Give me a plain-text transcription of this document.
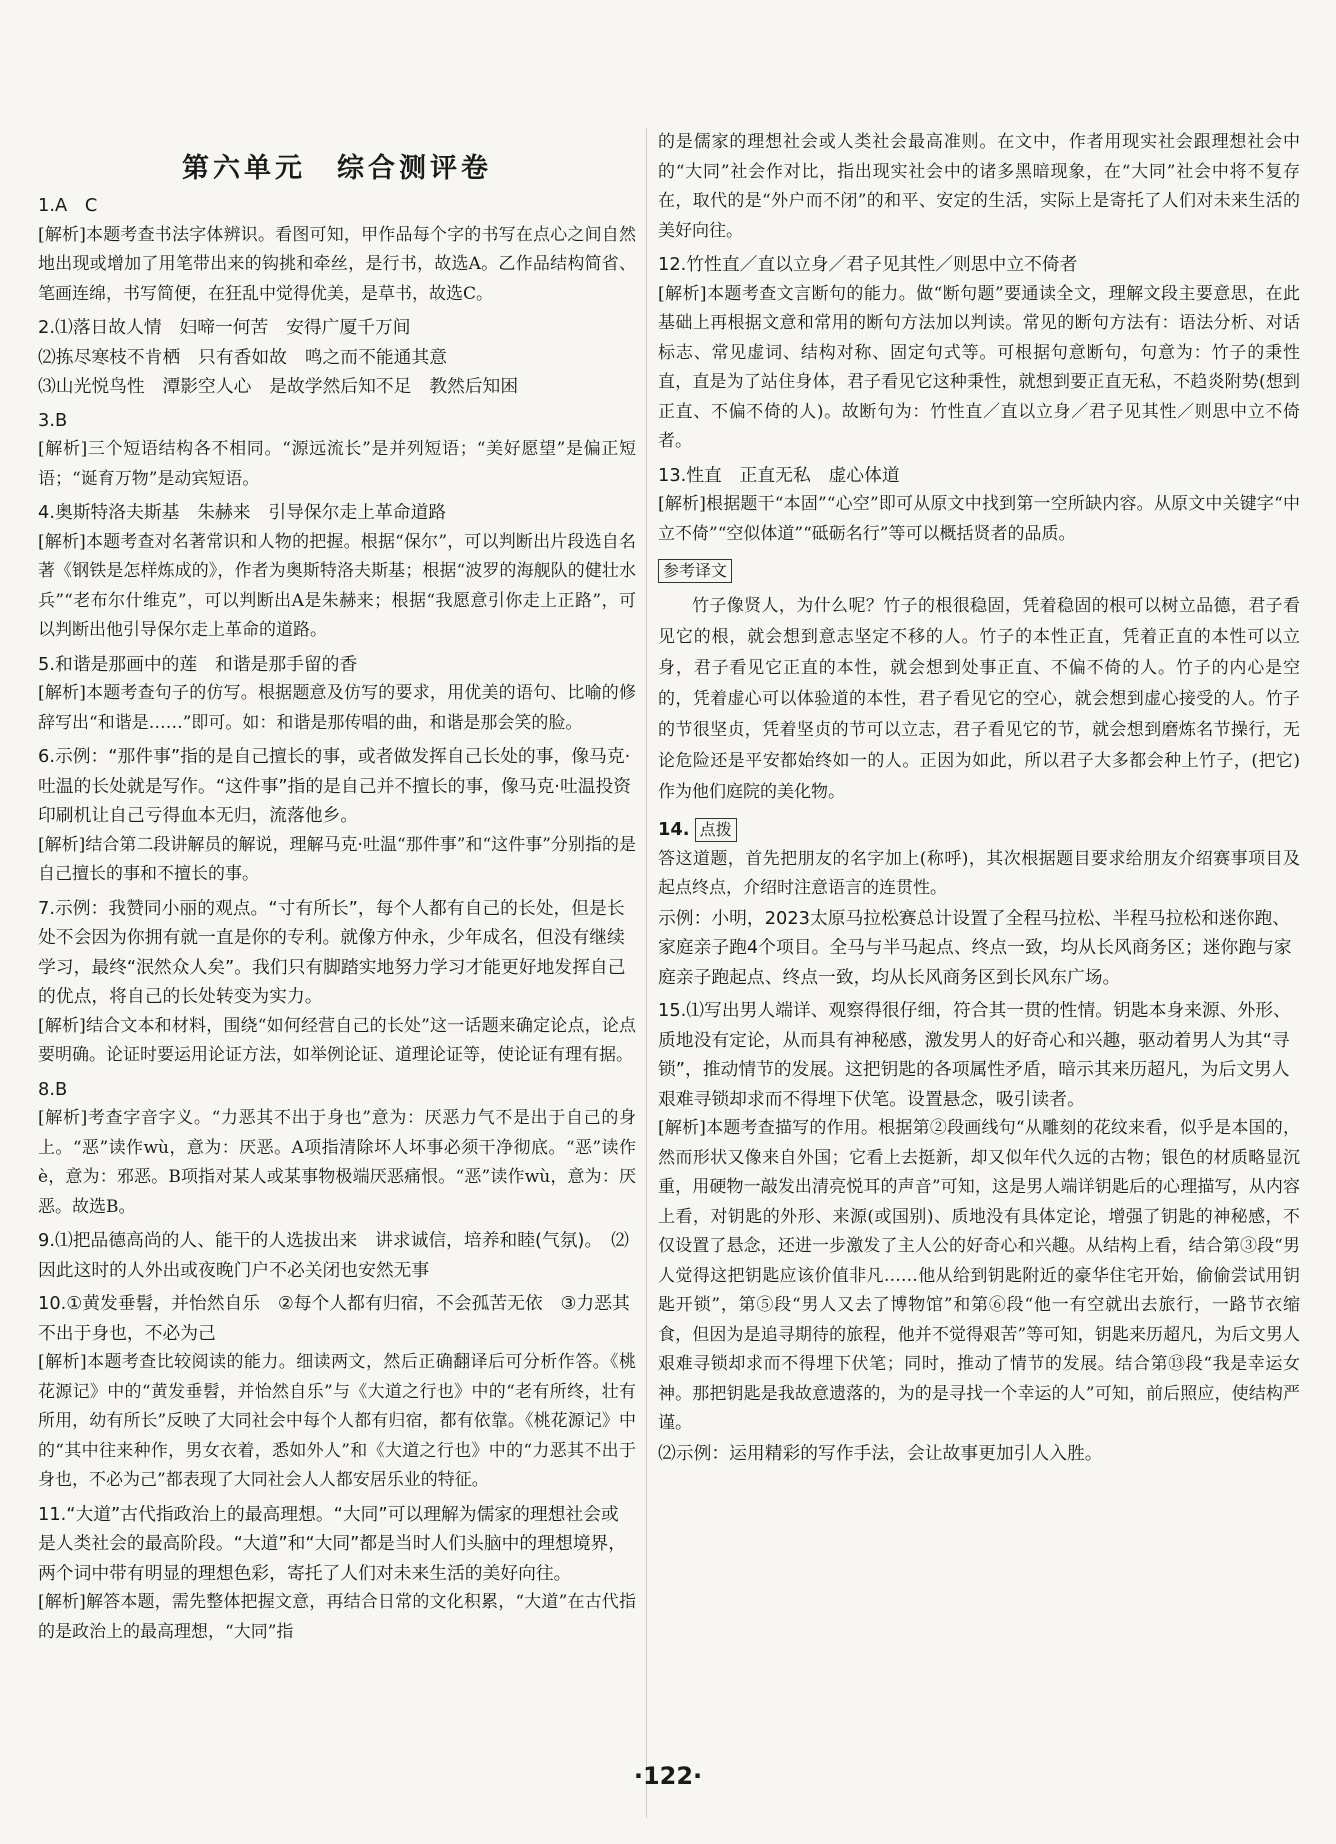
第六单元　综合测评卷

1.A　C

[解析]本题考查书法字体辨识。看图可知，甲作品每个字的书写在点心之间自然地出现或增加了用笔带出来的钩挑和牵丝，是行书，故选A。乙作品结构简省、笔画连绵，书写简便，在狂乱中觉得优美，是草书，故选C。

2.⑴落日故人情　妇啼一何苦　安得广厦千万间

⑵拣尽寒枝不肯栖　只有香如故　鸣之而不能通其意

⑶山光悦鸟性　潭影空人心　是故学然后知不足　教然后知困

3.B

[解析]三个短语结构各不相同。“源远流长”是并列短语；“美好愿望”是偏正短语；“诞育万物”是动宾短语。

4.奥斯特洛夫斯基　朱赫来　引导保尔走上革命道路

[解析]本题考查对名著常识和人物的把握。根据“保尔”，可以判断出片段选自名著《钢铁是怎样炼成的》，作者为奥斯特洛夫斯基；根据“波罗的海舰队的健壮水兵”“老布尔什维克”，可以判断出A是朱赫来；根据“我愿意引你走上正路”，可以判断出他引导保尔走上革命的道路。

5.和谐是那画中的莲　和谐是那手留的香

[解析]本题考查句子的仿写。根据题意及仿写的要求，用优美的语句、比喻的修辞写出“和谐是……”即可。如：和谐是那传唱的曲，和谐是那会笑的脸。

6.示例：“那件事”指的是自己擅长的事，或者做发挥自己长处的事，像马克·吐温的长处就是写作。“这件事”指的是自己并不擅长的事，像马克·吐温投资印刷机让自己亏得血本无归，流落他乡。

[解析]结合第二段讲解员的解说，理解马克·吐温“那件事”和“这件事”分别指的是自己擅长的事和不擅长的事。

7.示例：我赞同小丽的观点。“寸有所长”，每个人都有自己的长处，但是长处不会因为你拥有就一直是你的专利。就像方仲永，少年成名，但没有继续学习，最终“泯然众人矣”。我们只有脚踏实地努力学习才能更好地发挥自己的优点，将自己的长处转变为实力。

[解析]结合文本和材料，围绕“如何经营自己的长处”这一话题来确定论点，论点要明确。论证时要运用论证方法，如举例论证、道理论证等，使论证有理有据。

8.B

[解析]考查字音字义。“力恶其不出于身也”意为：厌恶力气不是出于自己的身上。“恶”读作wù，意为：厌恶。A项指清除坏人坏事必须干净彻底。“恶”读作è，意为：邪恶。B项指对某人或某事物极端厌恶痛恨。“恶”读作wù，意为：厌恶。故选B。

9.⑴把品德高尚的人、能干的人选拔出来　讲求诚信，培养和睦(气氛)。　⑵因此这时的人外出或夜晚门户不必关闭也安然无事

10.①黄发垂髫，并怡然自乐　②每个人都有归宿，不会孤苦无依　③力恶其不出于身也，不必为己

[解析]本题考查比较阅读的能力。细读两文，然后正确翻译后可分析作答。《桃花源记》中的“黄发垂髫，并怡然自乐”与《大道之行也》中的“老有所终，壮有所用，幼有所长”反映了大同社会中每个人都有归宿，都有依靠。《桃花源记》中的“其中往来种作，男女衣着，悉如外人”和《大道之行也》中的“力恶其不出于身也，不必为己”都表现了大同社会人人都安居乐业的特征。

11.“大道”古代指政治上的最高理想。“大同”可以理解为儒家的理想社会或是人类社会的最高阶段。“大道”和“大同”都是当时人们头脑中的理想境界，两个词中带有明显的理想色彩，寄托了人们对未来生活的美好向往。

[解析]解答本题，需先整体把握文意，再结合日常的文化积累，“大道”在古代指的是政治上的最高理想，“大同”指

的是儒家的理想社会或人类社会最高准则。在文中，作者用现实社会跟理想社会中的“大同”社会作对比，指出现实社会中的诸多黑暗现象，在“大同”社会中将不复存在，取代的是“外户而不闭”的和平、安定的生活，实际上是寄托了人们对未来生活的美好向往。

12.竹性直／直以立身／君子见其性／则思中立不倚者

[解析]本题考查文言断句的能力。做“断句题”要通读全文，理解文段主要意思，在此基础上再根据文意和常用的断句方法加以判读。常见的断句方法有：语法分析、对话标志、常见虚词、结构对称、固定句式等。可根据句意断句，句意为：竹子的秉性直，直是为了站住身体，君子看见它这种秉性，就想到要正直无私，不趋炎附势(想到正直、不偏不倚的人)。故断句为：竹性直／直以立身／君子见其性／则思中立不倚者。

13.性直　正直无私　虚心体道

[解析]根据题干“本固”“心空”即可从原文中找到第一空所缺内容。从原文中关键字“中立不倚”“空似体道”“砥砺名行”等可以概括贤者的品质。

参考译文

竹子像贤人，为什么呢？竹子的根很稳固，凭着稳固的根可以树立品德，君子看见它的根，就会想到意志坚定不移的人。竹子的本性正直，凭着正直的本性可以立身，君子看见它正直的本性，就会想到处事正直、不偏不倚的人。竹子的内心是空的，凭着虚心可以体验道的本性，君子看见它的空心，就会想到虚心接受的人。竹子的节很坚贞，凭着坚贞的节可以立志，君子看见它的节，就会想到磨炼名节操行，无论危险还是平安都始终如一的人。正因为如此，所以君子大多都会种上竹子，(把它)作为他们庭院的美化物。

14. 点拨

答这道题，首先把朋友的名字加上(称呼)，其次根据题目要求给朋友介绍赛事项目及起点终点，介绍时注意语言的连贯性。

示例：小明，2023太原马拉松赛总计设置了全程马拉松、半程马拉松和迷你跑、家庭亲子跑4个项目。全马与半马起点、终点一致，均从长风商务区；迷你跑与家庭亲子跑起点、终点一致，均从长风商务区到长风东广场。

15.⑴写出男人端详、观察得很仔细，符合其一贯的性情。钥匙本身来源、外形、质地没有定论，从而具有神秘感，激发男人的好奇心和兴趣，驱动着男人为其“寻锁”，推动情节的发展。这把钥匙的各项属性矛盾，暗示其来历超凡，为后文男人艰难寻锁却求而不得埋下伏笔。设置悬念，吸引读者。

[解析]本题考查描写的作用。根据第②段画线句“从雕刻的花纹来看，似乎是本国的，然而形状又像来自外国；它看上去挺新，却又似年代久远的古物；银色的材质略显沉重，用硬物一敲发出清亮悦耳的声音”可知，这是男人端详钥匙后的心理描写，从内容上看，对钥匙的外形、来源(或国别)、质地没有具体定论，增强了钥匙的神秘感，不仅设置了悬念，还进一步激发了主人公的好奇心和兴趣。从结构上看，结合第③段“男人觉得这把钥匙应该价值非凡……他从给到钥匙附近的豪华住宅开始，偷偷尝试用钥匙开锁”，第⑤段“男人又去了博物馆”和第⑥段“他一有空就出去旅行，一路节衣缩食，但因为是追寻期待的旅程，他并不觉得艰苦”等可知，钥匙来历超凡，为后文男人艰难寻锁却求而不得埋下伏笔；同时，推动了情节的发展。结合第⑬段“我是幸运女神。那把钥匙是我故意遗落的，为的是寻找一个幸运的人”可知，前后照应，使结构严谨。

⑵示例：运用精彩的写作手法，会让故事更加引人入胜。

·122·
